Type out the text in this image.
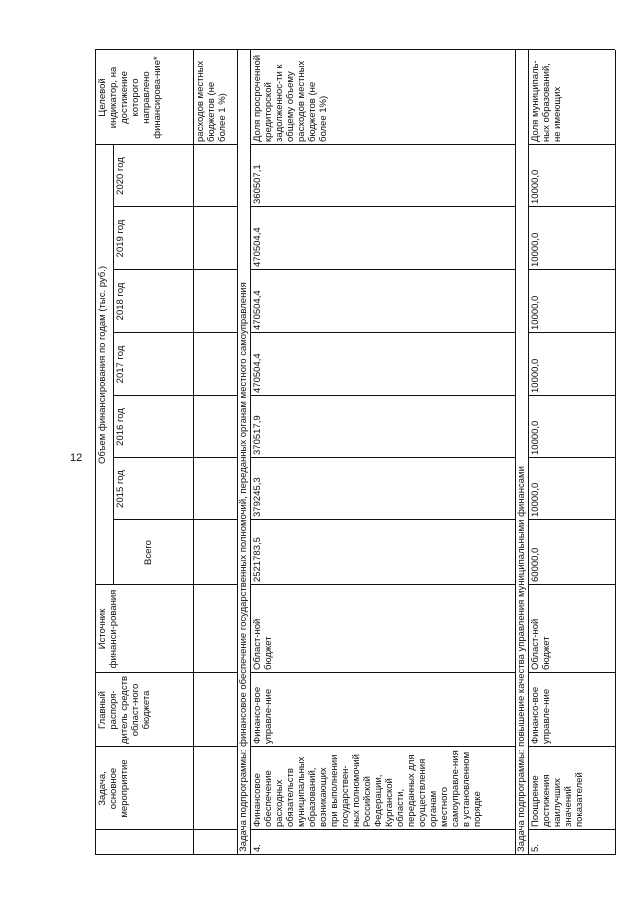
12
Задача, основное мероприятие
Главный распоря-дитель средств област-ного бюджета
Источник финанси-рования
Объем финансирования по годам (тыс. руб.)
Всего
2015 год
2016 год
2017 год
2018 год
2019 год
2020 год
Целевой индикатор, на достижение которого направлено финансирова-ние*	расходов местных бюджетов (не более 1 %)
Задача подпрограммы: финансовое обеспечение государственных полномочий, переданных органам местного самоуправления 4.
Финансовое обеспечение расходных обязательств муниципальных образований, возникающих при выполнении государствен-ных полномочий Российской Федерации, Курганской области, переданных для осуществления органам местного самоуправле-ния в установленном порядке
Финансо-вое управле-ние
Област-ной бюджет
2521783,5
379245,3
370517,9
470504,4
470504,4
470504,4
360507,1
Доля просроченной кредиторской задолженнос-ти к общему объему расходов местных бюджетов (не более 1%)
Задача подпрограммы: повышение качества управления муниципальными финансами 5.
Поощрение достижения наилучших значений показателей
Финансо-вое управле-ние
Област-ной бюджет
60000,0
10000,0
10000,0
10000,0
10000,0
10000,0
10000,0
Доля муниципаль-ных образований, не имеющих
